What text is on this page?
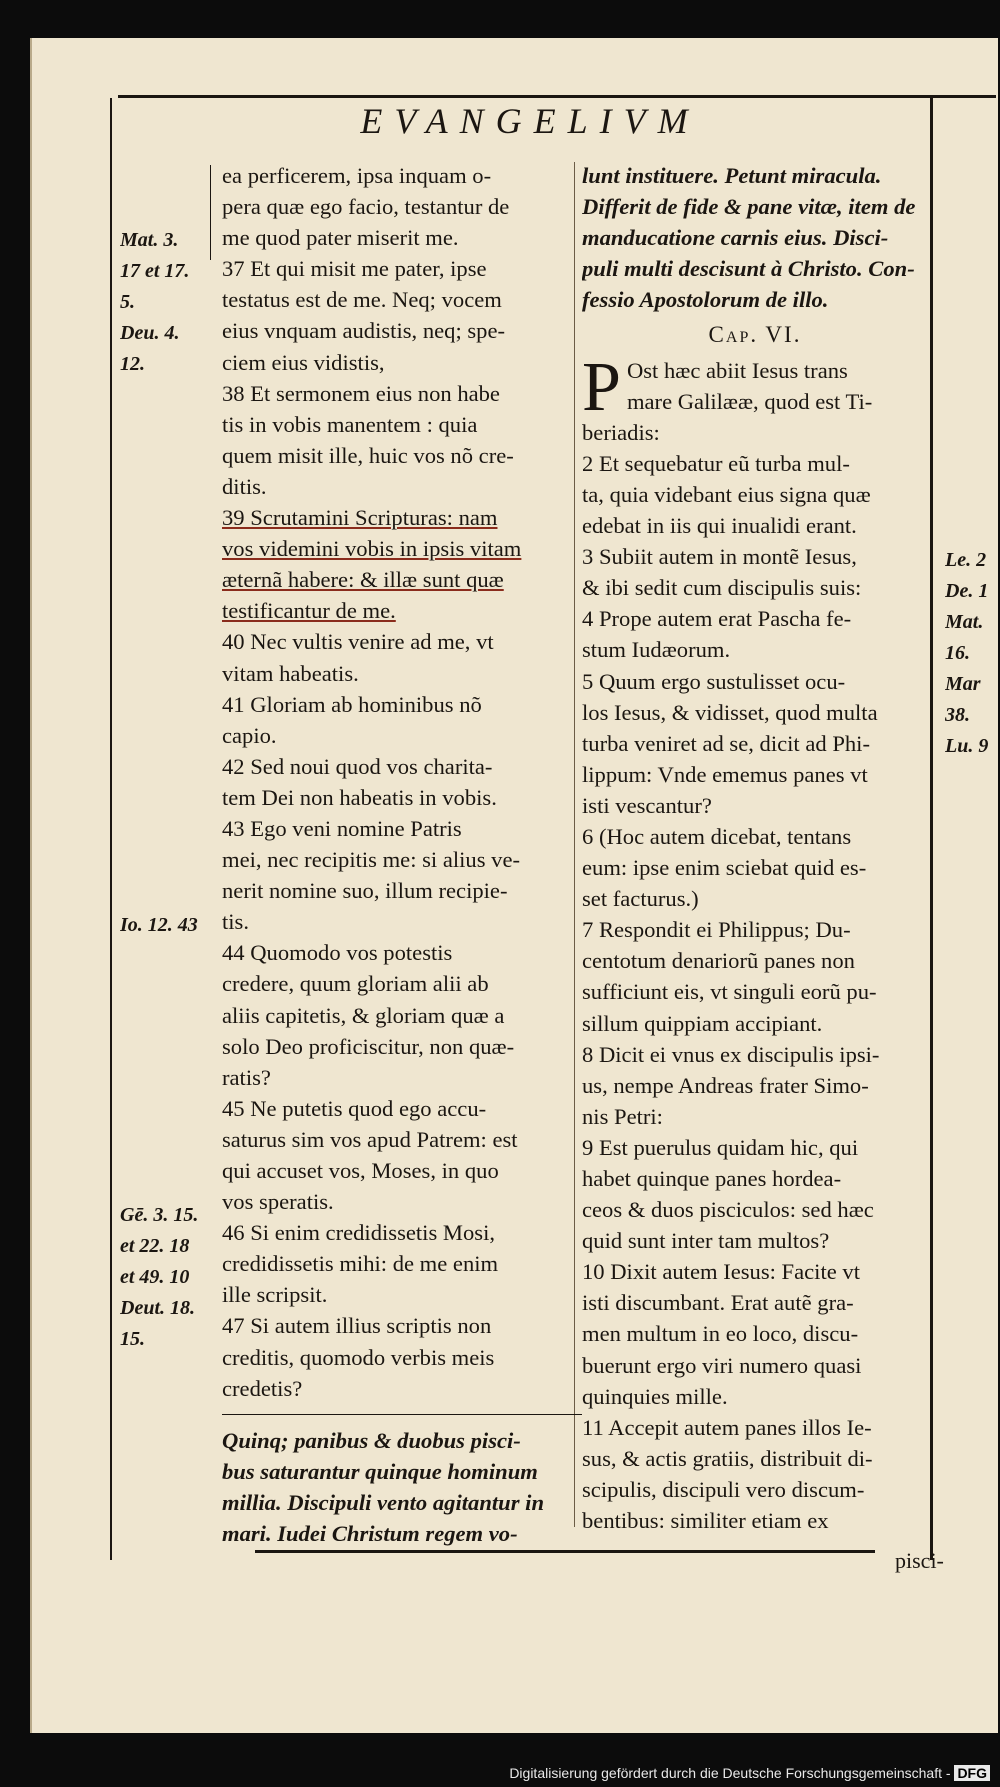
EVANGELIVM
ea perficerem, ipsa inquam o-
pera quæ ego facio, testantur de
me quod pater miserit me.
37 Et qui misit me pater, ipse
testatus est de me. Neq; vocem
eius vnquam audistis, neq; spe-
ciem eius vidistis,
38 Et sermonem eius non habe
tis in vobis manentem : quia
quem misit ille, huic vos nõ cre-
ditis.
39 Scrutamini Scripturas: nam
vos videmini vobis in ipsis vitam
æternã habere: & illæ sunt quæ
testificantur de me.
40 Nec vultis venire ad me, vt
vitam habeatis.
41 Gloriam ab hominibus nõ
capio.
42 Sed noui quod vos charita-
tem Dei non habeatis in vobis.
43 Ego veni nomine Patris
mei, nec recipitis me: si alius ve-
nerit nomine suo, illum recipie-
tis.
44 Quomodo vos potestis
credere, quum gloriam alii ab
aliis capitetis, & gloriam quæ a
solo Deo proficiscitur, non quæ-
ratis?
45 Ne putetis quod ego accu-
saturus sim vos apud Patrem: est
qui accuset vos, Moses, in quo
vos speratis.
46 Si enim credidissetis Mosi,
credidissetis mihi: de me enim
ille scripsit.
47 Si autem illius scriptis non
creditis, quomodo verbis meis
credetis?
Quinq; panibus & duobus pisci-
bus saturantur quinque hominum
millia. Discipuli vento agitantur in
mari. Iudei Christum regem vo-
lunt instituere. Petunt miracula.
Differit de fide & pane vitæ, item de
manducatione carnis eius. Disci-
puli multi descisunt à Christo. Con-
fessio Apostolorum de illo.
Cap. VI.
P Ost hæc abiit Iesus trans
mare Galilææ, quod est Ti-
beriadis:
2 Et sequebatur eũ turba mul-
ta, quia videbant eius signa quæ
edebat in iis qui inualidi erant.
3 Subiit autem in montẽ Iesus,
& ibi sedit cum discipulis suis:
4 Prope autem erat Pascha fe-
stum Iudæorum.
5 Quum ergo sustulisset ocu-
los Iesus, & vidisset, quod multa
turba veniret ad se, dicit ad Phi-
lippum: Vnde ememus panes vt
isti vescantur?
6 (Hoc autem dicebat, tentans
eum: ipse enim sciebat quid es-
set facturus.)
7 Respondit ei Philippus; Du-
centotum denariorũ panes non
sufficiunt eis, vt singuli eorũ pu-
sillum quippiam accipiant.
8 Dicit ei vnus ex discipulis ipsi-
us, nempe Andreas frater Simo-
nis Petri:
9 Est puerulus quidam hic, qui
habet quinque panes hordea-
ceos & duos pisciculos: sed hæc
quid sunt inter tam multos?
10 Dixit autem Iesus: Facite vt
isti discumbant. Erat autẽ gra-
men multum in eo loco, discu-
buerunt ergo viri numero quasi
quinquies mille.
11 Accepit autem panes illos Ie-
sus, & actis gratiis, distribuit di-
scipulis, discipuli vero discum-
bentibus: similiter etiam ex
Mat. 3.
17 et 17.
5.
Deu. 4.
12.
Io. 12. 43
Gē. 3. 15.
et 22. 18
et 49. 10
Deut. 18.
15.
Le. 2
De. 1
Mat.
16.
Mar
38.
Lu. 9
pisci-
Digitalisierung gefördert durch die Deutsche Forschungsgemeinschaft - DFG
